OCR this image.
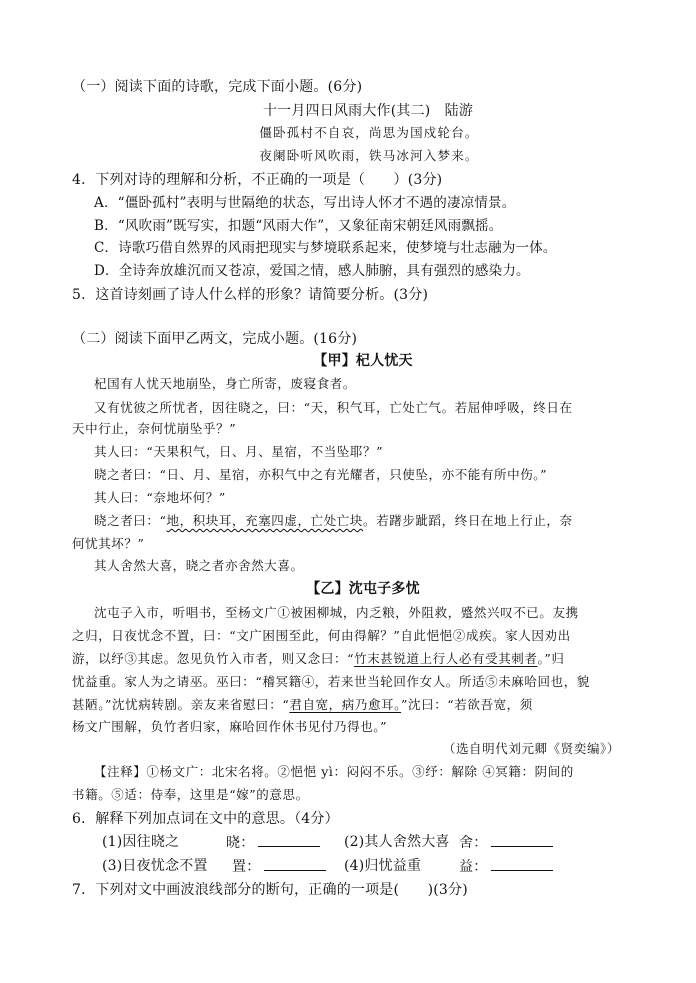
（一）阅读下面的诗歌，完成下面小题。(6分)
十一月四日风雨大作(其二)　陆游
僵卧孤村不自哀，尚思为国戍轮台。
夜阑卧听风吹雨，铁马冰河入梦来。
4．下列对诗的理解和分析，不正确的一项是（　　）(3分)
A．“僵卧孤村”表明与世隔绝的状态，写出诗人怀才不遇的凄凉情景。
B．“风吹雨”既写实，扣题“风雨大作”，又象征南宋朝廷风雨飘摇。
C．诗歌巧借自然界的风雨把现实与梦境联系起来，使梦境与壮志融为一体。
D．全诗奔放雄沉而又苍凉，爱国之情，感人肺腑，具有强烈的感染力。
5．这首诗刻画了诗人什么样的形象？请简要分析。(3分)
（二）阅读下面甲乙两文，完成小题。(16分)
【甲】杞人忧天
杞国有人忧天地崩坠，身亡所寄，废寝食者。
又有忧彼之所忧者，因往晓之，曰：“天，积气耳，亡处亡气。若屈伸呼吸，终日在
天中行止，奈何忧崩坠乎？”
其人曰：“天果积气，日、月、星宿，不当坠耶？”
晓之者曰：“日、月、星宿，亦积气中之有光耀者，只使坠，亦不能有所中伤。”
其人曰：“奈地坏何？”
晓之者曰：“地，积块耳，充塞四虚，亡处亡块。若躇步跐蹈，终日在地上行止，奈
何忧其坏？”
其人舍然大喜，晓之者亦舍然大喜。
【乙】沈屯子多忧
沈屯子入市，听唱书，至杨文广①被困柳城，内乏粮，外阻救，蹙然兴叹不已。友携
之归，日夜忧念不置，曰：“文广困围至此，何由得解？”自此悒悒②成疾。家人因劝出
游，以纾③其虑。忽见负竹入市者，则又念曰：“竹末甚锐道上行人必有受其刺者。”归
忧益重。家人为之请巫。巫曰：“稽冥籍④，若来世当轮回作女人。所适⑤未麻哈回也，貌
甚陋。”沈忧病转剧。亲友来省慰曰：“君自宽，病乃愈耳。”沈曰：“若欲吾宽，须
杨文广围解，负竹者归家，麻哈回作休书见付乃得也。”
（选自明代刘元卿《贤奕编》）
【注释】①杨文广：北宋名将。②悒悒 yì：闷闷不乐。③纾：解除 ④冥籍：阴间的
书籍。⑤适：侍奉，这里是“嫁”的意思。
6．解释下列加点词在文中的意思。（4分）
(1)因往晓之	晓：	(2)其人舍然大喜 舍：
(3)日夜忧念不置 置：	(4)归忧益重	益：
7．下列对文中画波浪线部分的断句，正确的一项是(　　)(3分)
